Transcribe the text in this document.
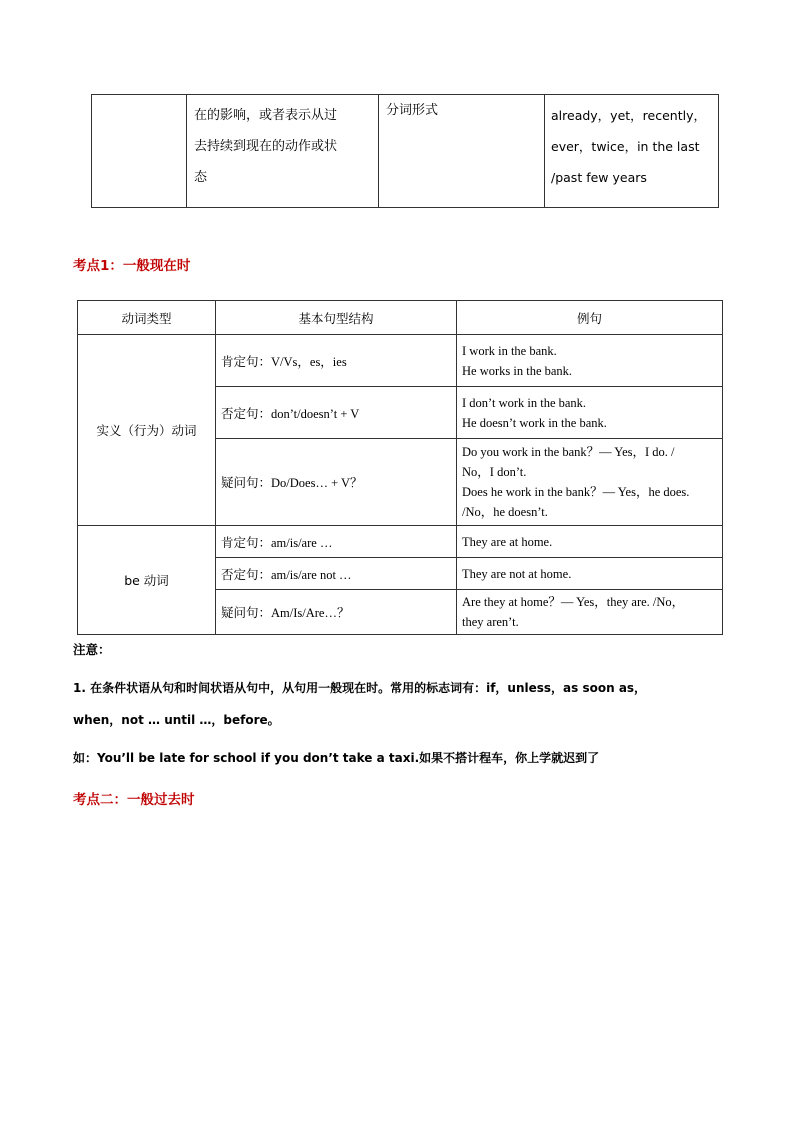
在的影响，或者表示从过
去持续到现在的动作或状
态
	分词形式	already，yet，recently，
ever，twice，in the last
/past few years
考点1：一般现在时
动词类型	基本句型结构	例句
实义（行为）动词	肯定句：V/Vs，es，ies	I work in the bank.
He works in the bank.

	否定句：don’t/doesn’t + V	I don’t work in the bank.
He doesn’t work in the bank.

	疑问句：Do/Does… + V？	Do you work in the bank？— Yes，I do. /
No，I don’t.
Does he work in the bank？— Yes，he does.
/No，he doesn’t.

be 动词	肯定句：am/is/are …	They are at home.

	否定句：am/is/are not …	They are not at home.

	疑问句：Am/Is/Are…？	Are they at home？— Yes，they are. /No，
they aren’t.
注意：
1. 在条件状语从句和时间状语从句中，从句用一般现在时。常用的标志词有：if，unless，as soon as，
when，not … until …，before。
如：You’ll be late for school if you don’t take a taxi.如果不搭计程车，你上学就迟到了
考点二：一般过去时
